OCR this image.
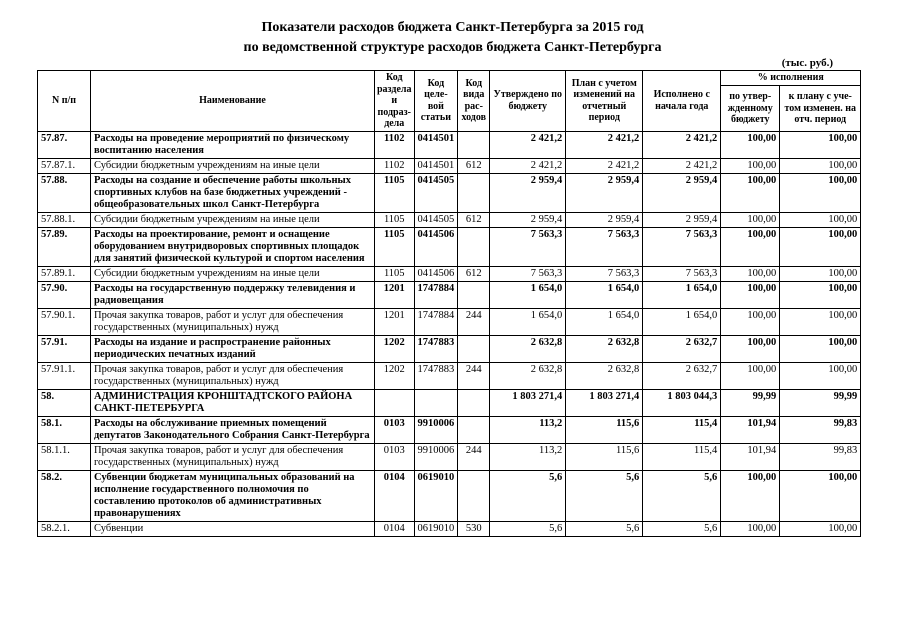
Показатели расходов бюджета Санкт-Петербурга за 2015 год
по ведомственной структуре расходов бюджета Санкт-Петербурга
(тыс. руб.)
N п/п	Наименование	Код раздела и подраз-дела	Код целе-вой статьи	Код вида рас-ходов	Утверждено по бюджету	План с учетом изменений на отчетный период	Исполнено с начала года	% исполнения	
								по утвер-жденному бюджету	к плану с уче-том изменен. на отч. период
57.87.	Расходы на проведение мероприятий по физическому воспитанию населения	1102	0414501		2 421,2	2 421,2	2 421,2	100,00	100,00
57.87.1.	Субсидии бюджетным учреждениям на иные цели	1102	0414501	612	2 421,2	2 421,2	2 421,2	100,00	100,00
57.88.	Расходы на создание и обеспечение работы школьных спортивных клубов на базе бюджетных учреждений - общеобразовательных школ Санкт-Петербурга	1105	0414505		2 959,4	2 959,4	2 959,4	100,00	100,00
57.88.1.	Субсидии бюджетным учреждениям на иные цели	1105	0414505	612	2 959,4	2 959,4	2 959,4	100,00	100,00
57.89.	Расходы на проектирование, ремонт и оснащение оборудованием внутридворовых спортивных площадок для занятий физической культурой и спортом населения	1105	0414506		7 563,3	7 563,3	7 563,3	100,00	100,00
57.89.1.	Субсидии бюджетным учреждениям на иные цели	1105	0414506	612	7 563,3	7 563,3	7 563,3	100,00	100,00
57.90.	Расходы на государственную поддержку телевидения и радиовещания	1201	1747884		1 654,0	1 654,0	1 654,0	100,00	100,00
57.90.1.	Прочая закупка товаров, работ и услуг для обеспечения государственных (муниципальных) нужд	1201	1747884	244	1 654,0	1 654,0	1 654,0	100,00	100,00
57.91.	Расходы на издание и распространение районных периодических печатных изданий	1202	1747883		2 632,8	2 632,8	2 632,7	100,00	100,00
57.91.1.	Прочая закупка товаров, работ и услуг для обеспечения государственных (муниципальных) нужд	1202	1747883	244	2 632,8	2 632,8	2 632,7	100,00	100,00
58.	АДМИНИСТРАЦИЯ КРОНШТАДТСКОГО РАЙОНА САНКТ-ПЕТЕРБУРГА				1 803 271,4	1 803 271,4	1 803 044,3	99,99	99,99
58.1.	Расходы на обслуживание приемных помещений депутатов Законодательного Собрания Санкт-Петербурга	0103	9910006		113,2	115,6	115,4	101,94	99,83
58.1.1.	Прочая закупка товаров, работ и услуг для обеспечения государственных (муниципальных) нужд	0103	9910006	244	113,2	115,6	115,4	101,94	99,83
58.2.	Субвенции бюджетам муниципальных образований на исполнение государственного полномочия по составлению протоколов об административных правонарушениях	0104	0619010		5,6	5,6	5,6	100,00	100,00
58.2.1.	Субвенции	0104	0619010	530	5,6	5,6	5,6	100,00	100,00
